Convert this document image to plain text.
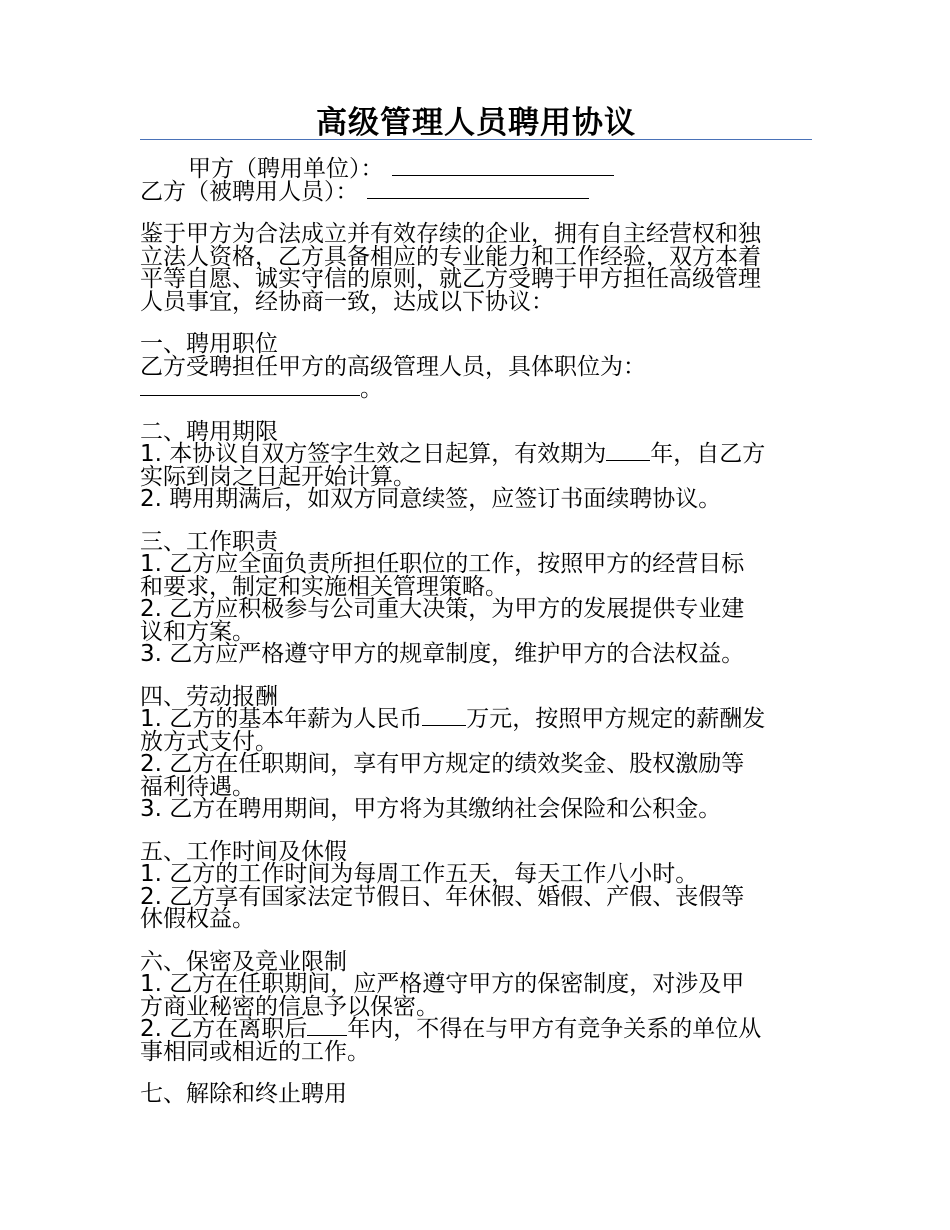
高级管理人员聘用协议

甲方（聘用单位）：

乙方（被聘用人员）：

鉴于甲方为合法成立并有效存续的企业，拥有自主经营权和独

立法人资格，乙方具备相应的专业能力和工作经验，双方本着

平等自愿、诚实守信的原则，就乙方受聘于甲方担任高级管理

人员事宜，经协商一致，达成以下协议：

一、聘用职位

乙方受聘担任甲方的高级管理人员，具体职位为：

。

二、聘用期限

1. 本协议自双方签字生效之日起算，有效期为 年，自乙方

实际到岗之日起开始计算。

2. 聘用期满后，如双方同意续签，应签订书面续聘协议。

三、工作职责

1. 乙方应全面负责所担任职位的工作，按照甲方的经营目标

和要求，制定和实施相关管理策略。

2. 乙方应积极参与公司重大决策，为甲方的发展提供专业建

议和方案。

3. 乙方应严格遵守甲方的规章制度，维护甲方的合法权益。

四、劳动报酬

1. 乙方的基本年薪为人民币 万元，按照甲方规定的薪酬发

放方式支付。

2. 乙方在任职期间，享有甲方规定的绩效奖金、股权激励等

福利待遇。

3. 乙方在聘用期间，甲方将为其缴纳社会保险和公积金。

五、工作时间及休假

1. 乙方的工作时间为每周工作五天，每天工作八小时。

2. 乙方享有国家法定节假日、年休假、婚假、产假、丧假等

休假权益。

六、保密及竞业限制

1. 乙方在任职期间，应严格遵守甲方的保密制度，对涉及甲

方商业秘密的信息予以保密。

2. 乙方在离职后 年内，不得在与甲方有竞争关系的单位从

事相同或相近的工作。

七、解除和终止聘用
